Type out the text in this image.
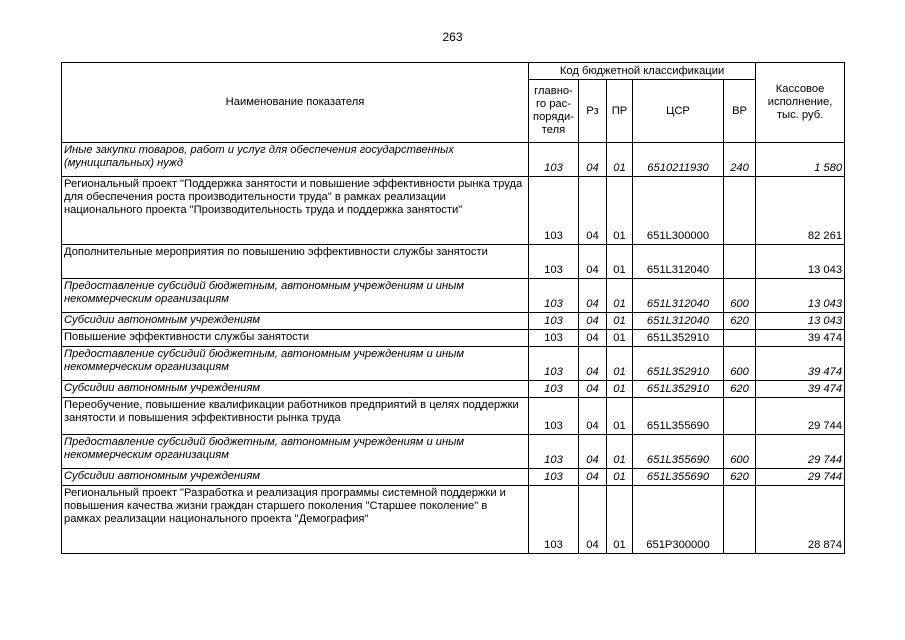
263
Наименование показателя	Код бюджетной классификации					Кассовое исполнение, тыс. руб.
	главно-го рас-поряди-теля	Рз	ПР	ЦСР	ВР	
Иные закупки товаров, работ и услуг для обеспечения государственных (муниципальных) нужд	103	04	01	6510211930	240	1 580
Региональный проект "Поддержка занятости и повышение эффективности рынка труда для обеспечения роста производительности труда" в рамках реализации национального проекта "Производительность труда и поддержка занятости"	103	04	01	651L300000		82 261
Дополнительные мероприятия по повышению эффективности службы занятости	103	04	01	651L312040		13 043
Предоставление субсидий бюджетным, автономным учреждениям и иным некоммерческим организациям	103	04	01	651L312040	600	13 043
Субсидии автономным учреждениям	103	04	01	651L312040	620	13 043
Повышение эффективности службы занятости	103	04	01	651L352910		39 474
Предоставление субсидий бюджетным, автономным учреждениям и иным некоммерческим организациям	103	04	01	651L352910	600	39 474
Субсидии автономным учреждениям	103	04	01	651L352910	620	39 474
Переобучение, повышение квалификации работников предприятий в целях поддержки занятости и повышения эффективности рынка труда	103	04	01	651L355690		29 744
Предоставление субсидий бюджетным, автономным учреждениям и иным некоммерческим организациям	103	04	01	651L355690	600	29 744
Субсидии автономным учреждениям	103	04	01	651L355690	620	29 744
Региональный проект "Разработка и реализация программы системной поддержки и повышения качества жизни граждан старшего поколения "Старшее поколение" в рамках реализации национального проекта "Демография"	103	04	01	651P300000		28 874
